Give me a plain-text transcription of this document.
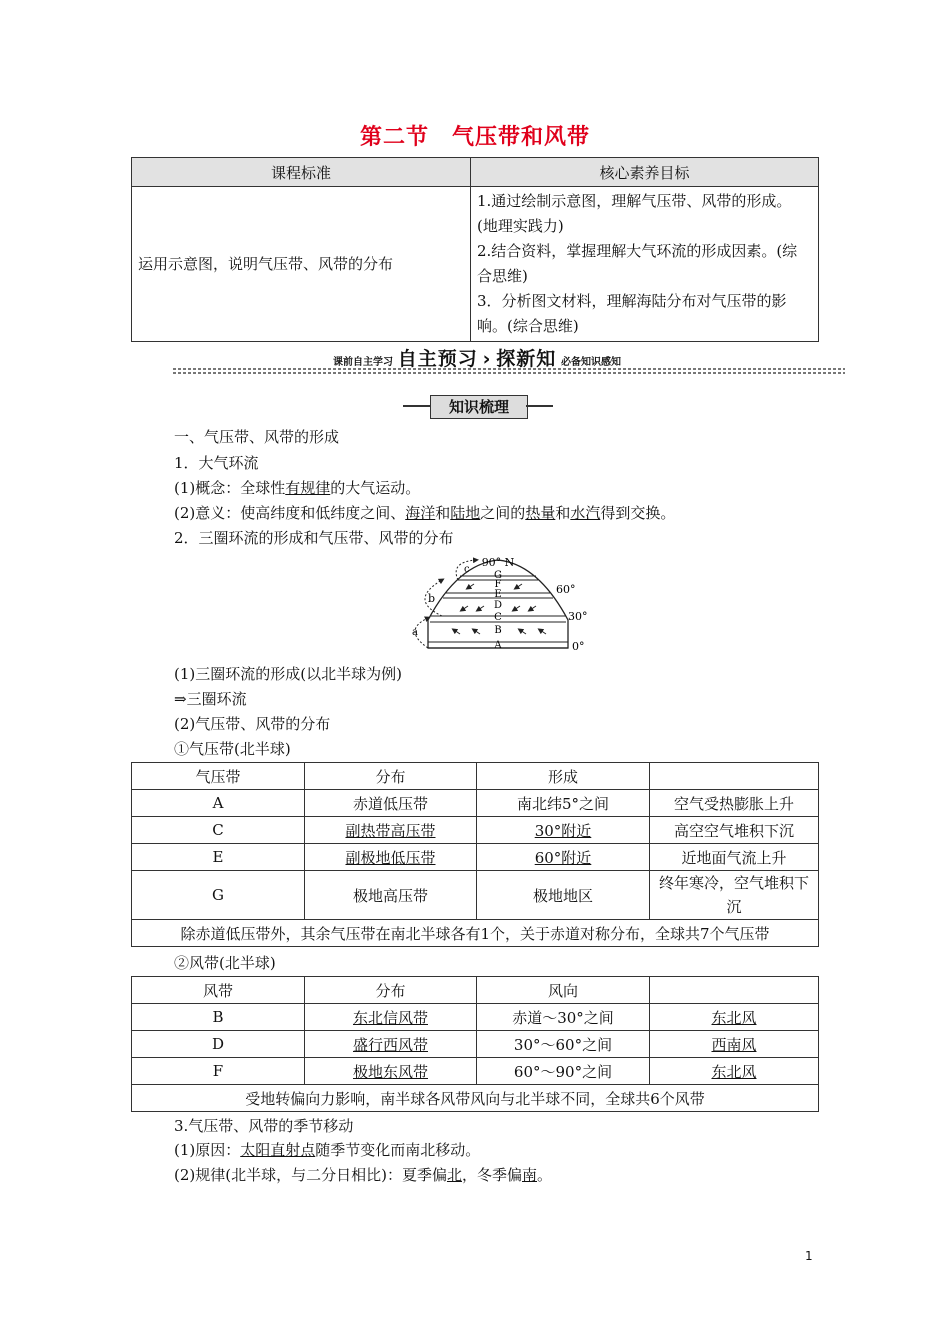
第二节　气压带和风带
课程标准	核心素养目标
运用示意图，说明气压带、风带的分布	1.通过绘制示意图，理解气压带、风带的形成。(地理实践力)
2.结合资料，掌握理解大气环流的形成因素。(综合思维)
3．分析图文材料，理解海陆分布对气压带的影响。(综合思维)
课前自主学习 自主预习 › 探新知 必备知识感知
知识梳理
一、气压带、风带的形成
1．大气环流
(1)概念：全球性有规律的大气运动。
(2)意义：使高纬度和低纬度之间、海洋和陆地之间的热量和水汽得到交换。
2．三圈环流的形成和气压带、风带的分布
90° N
G
F
E
D
C
B
A
60°
30°
0°
c
b
a
(1)三圈环流的形成(以北半球为例)
⇒三圈环流
(2)气压带、风带的分布
①气压带(北半球)
气压带	分布	形成	
A	赤道低压带	南北纬5°之间	空气受热膨胀上升
C	副热带高压带	30°附近	高空空气堆积下沉
E	副极地低压带	60°附近	近地面气流上升
G	极地高压带	极地地区	终年寒冷，空气堆积下沉
除赤道低压带外，其余气压带在南北半球各有1个，关于赤道对称分布，全球共7个气压带			
②风带(北半球)
风带	分布	风向	
B	东北信风带	赤道～30°之间	东北风
D	盛行西风带	30°～60°之间	西南风
F	极地东风带	60°～90°之间	东北风
受地转偏向力影响，南半球各风带风向与北半球不同，全球共6个风带			
3.气压带、风带的季节移动
(1)原因：太阳直射点随季节变化而南北移动。
(2)规律(北半球，与二分日相比)：夏季偏北，冬季偏南。
1
